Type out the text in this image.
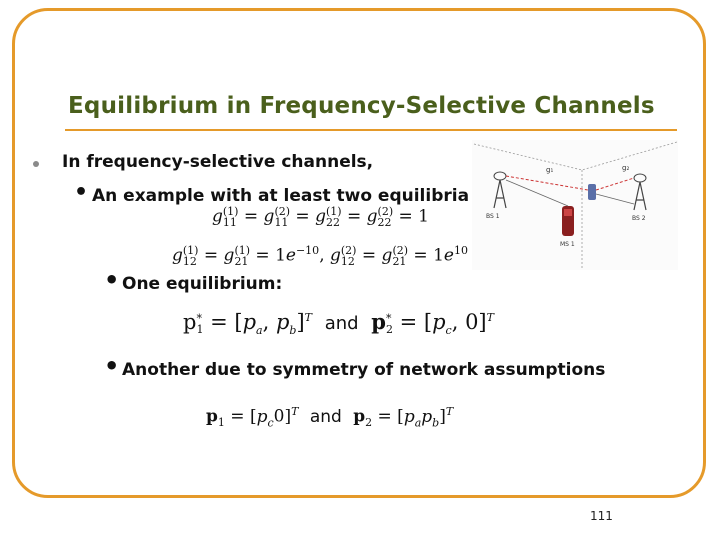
Equilibrium in Frequency-Selective Channels
In frequency-selective channels,
• An example with at least two equilibria
g (1)
11 = g (2)
11 = g (1)
22 = g (2)
22 = 1
g (1)
12 = g (1)
$21 = 1e^{-10}$, g (2)
12 = g (2)
$21 = 1e^{10}$
• One equilibrium:
p *
$1 = [p_a$, $p_b]^T$ and p *
$2 = [p_c$, 0]$^T$
• Another due to symmetry of network assumptions
$p_1 = [p_c0]^T$ and $p_2 = [p_ap_b]^T$
g₁	g₂
BS 1	BS 2
MS 1
111
